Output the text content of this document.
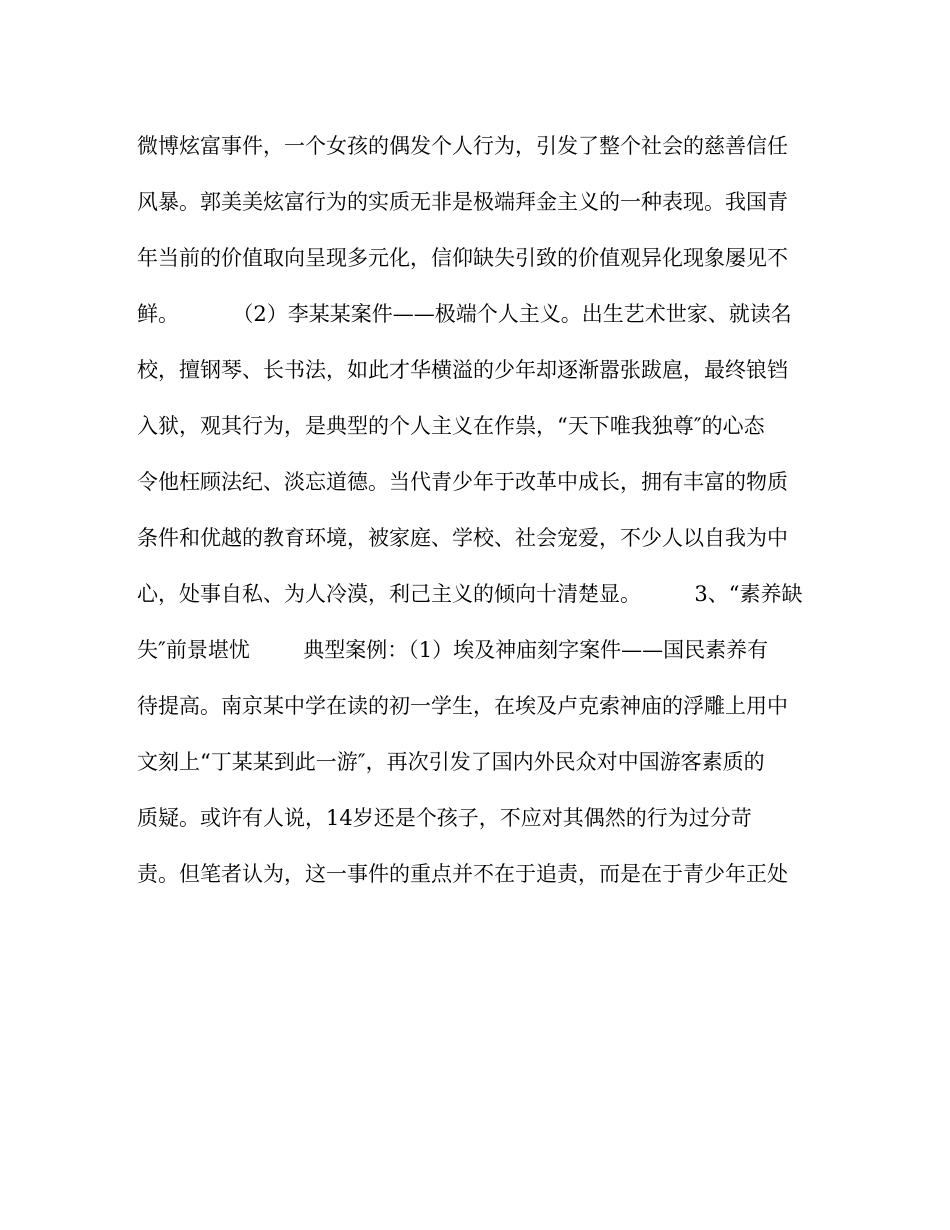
微博炫富事件，一个女孩的偶发个人行为，引发了整个社会的慈善信任
风暴。郭美美炫富行为的实质无非是极端拜金主义的一种表现。我国青
年当前的价值取向呈现多元化，信仰缺失引致的价值观异化现象屡见不
鲜。        （2）李某某案件——极端个人主义。出生艺术世家、就读名
校，擅钢琴、长书法，如此才华横溢的少年却逐渐嚣张跋扈，最终锒铛
入狱，观其行为，是典型的个人主义在作祟，“天下唯我独尊″的心态
令他枉顾法纪、淡忘道德。当代青少年于改革中成长，拥有丰富的物质
条件和优越的教育环境，被家庭、学校、社会宠爱，不少人以自我为中
心，处事自私、为人冷漠，利己主义的倾向十清楚显。        3、“素养缺
失″前景堪忧        典型案例：（1）埃及神庙刻字案件——国民素养有
待提高。南京某中学在读的初一学生，在埃及卢克索神庙的浮雕上用中
文刻上“丁某某到此一游″，再次引发了国内外民众对中国游客素质的
质疑。或许有人说，14岁还是个孩子，不应对其偶然的行为过分苛
责。但笔者认为，这一事件的重点并不在于追责，而是在于青少年正处
